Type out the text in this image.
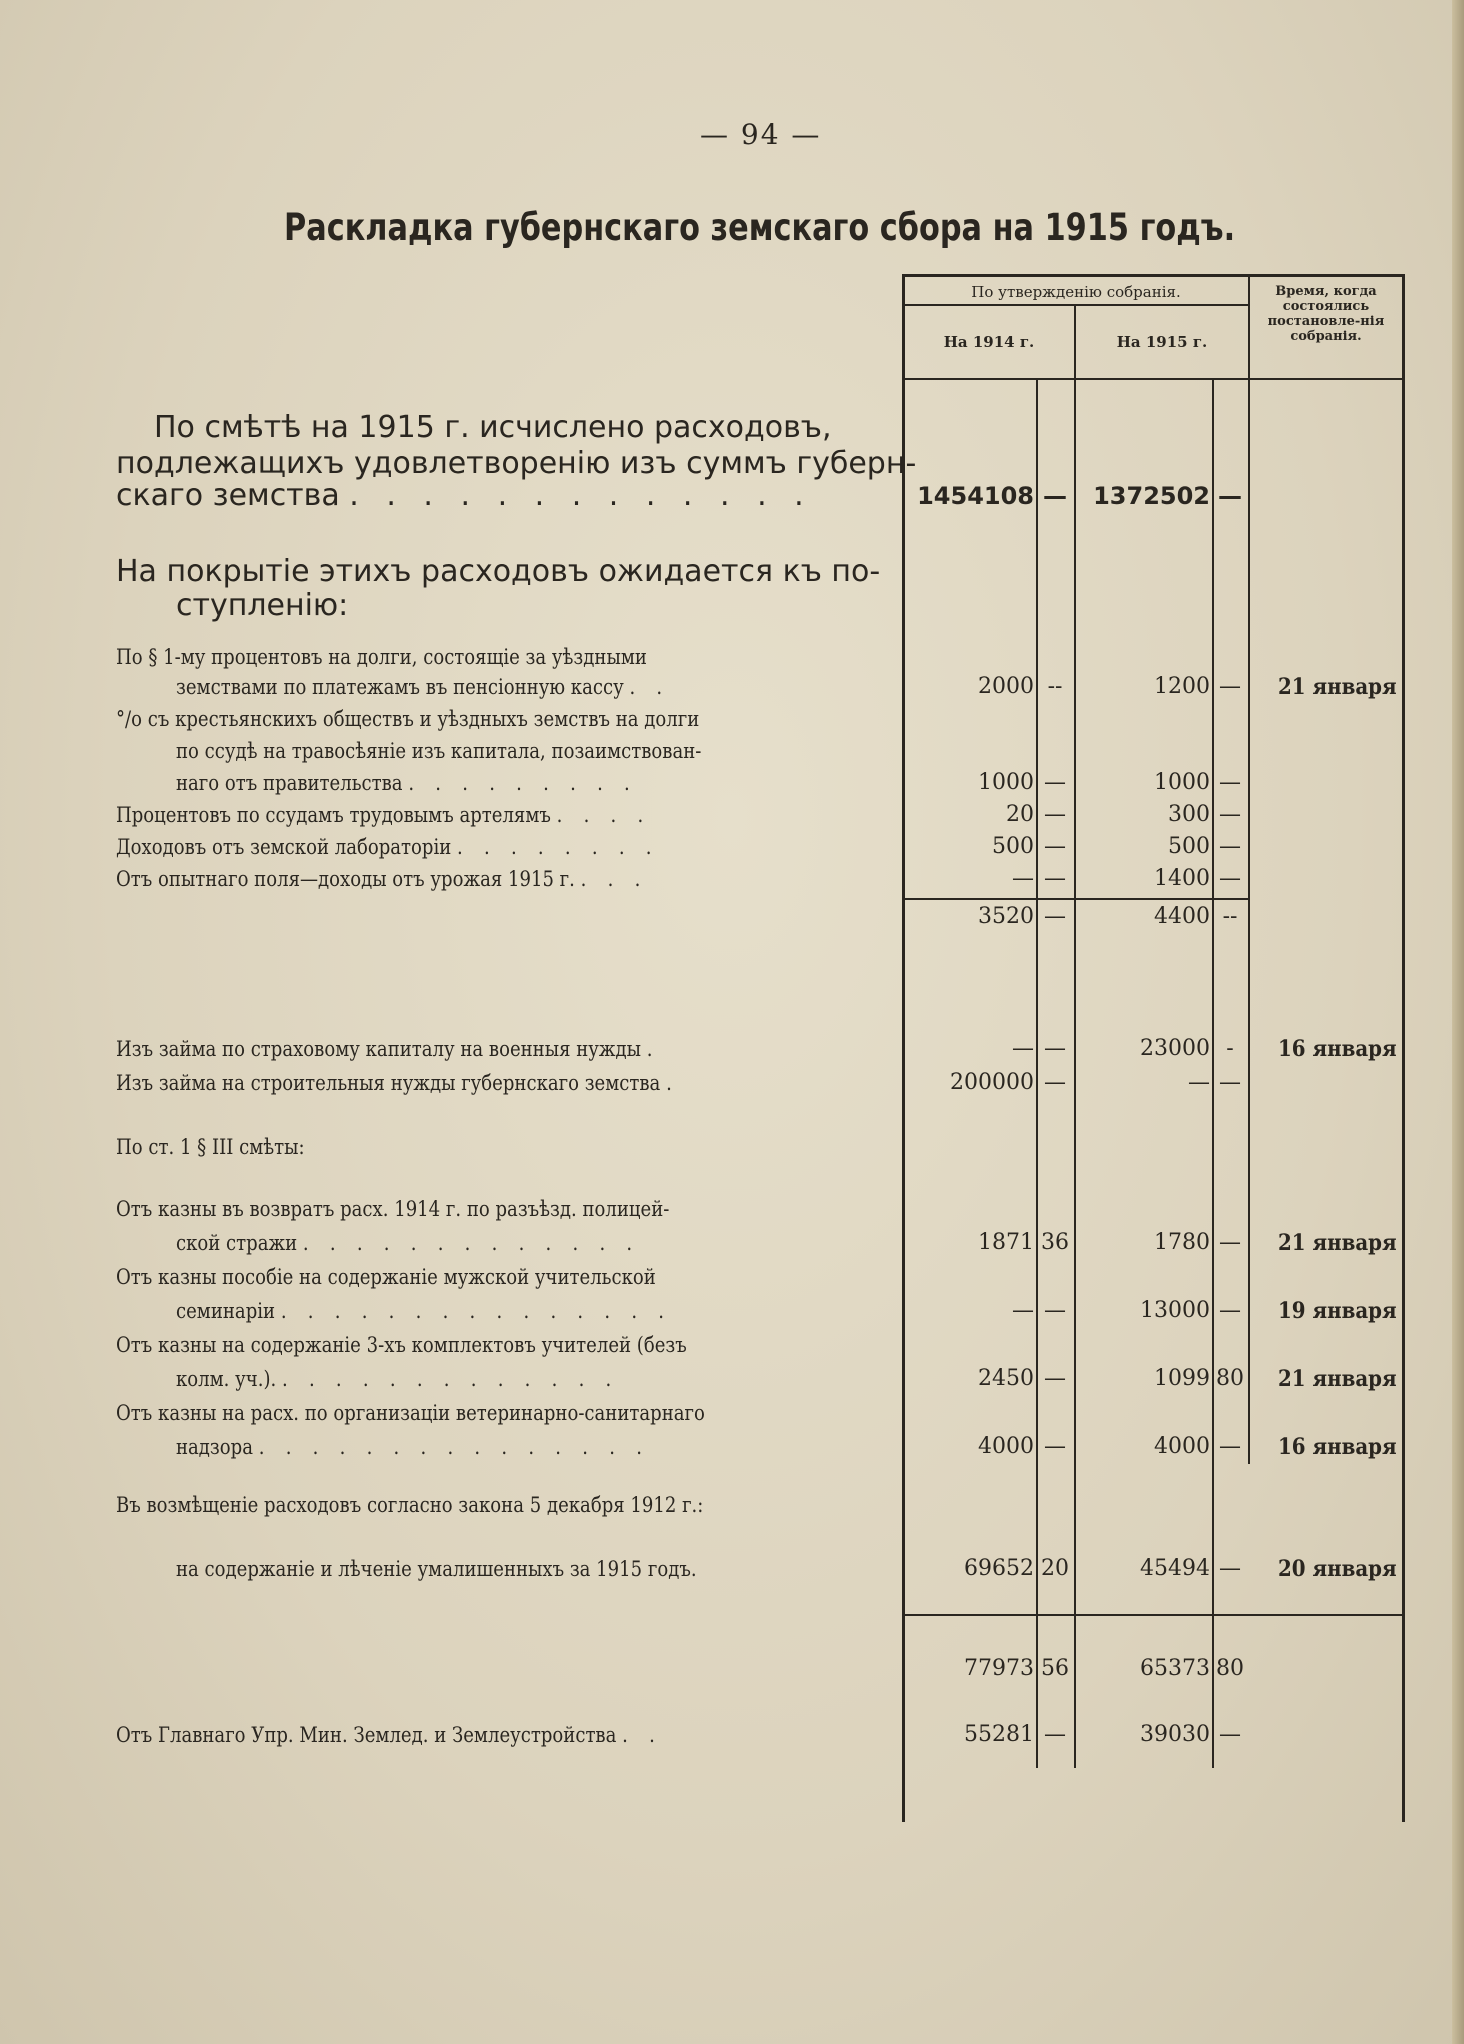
— 94 —
Раскладка губернскаго земскаго сбора на 1915 годъ.
По утвержденію собранія.
На 1914 г.	На 1915 г.
Время, когда состоялись постановле-нія собранія.
По смѣтѣ на 1915 г. исчислено расходовъ,
подлежащихъ удовлетворенію изъ суммъ губерн-
скаго земства . . . . . . . . . . . . .	1454108 —	1372502 —
На покрытіе этихъ расходовъ ожидается къ по-
ступленію:
По § 1-му процентовъ на долги, состоящіе за уѣздными
земствами по платежамъ въ пенсіонную кассу . .	2000 --	1200 — 21 января
°/о съ крестьянскихъ обществъ и уѣздныхъ земствъ на долги
по ссудѣ на травосѣяніе изъ капитала, позаимствован-
наго отъ правительства . . . . . . . . .	1000 —	1000 —
Процентовъ по ссудамъ трудовымъ артелямъ . . . .	20 —	300 —
Доходовъ отъ земской лабораторіи . . . . . . . .	500 —	500 —
Отъ опытнаго поля—доходы отъ урожая 1915 г. . . .	— —	1400 —
3520 —	4400 --
Изъ займа по страховому капиталу на военныя нужды .	— —	23000 -	16 января
Изъ займа на строительныя нужды губернскаго земства .	200000 —	— —
По ст. 1 § III смѣты:
Отъ казны въ возвратъ расх. 1914 г. по разъѣзд. полицей-
ской стражи . . . . . . . . . . . . .	1871 36	1780 — 21 января
Отъ казны пособіе на содержаніе мужской учительской
семинаріи . . . . . . . . . . . . . . .	— —	13000 — 19 января
Отъ казны на содержаніе 3-хъ комплектовъ учителей (безъ
колм. уч.). . . . . . . . . . . . . .	2450 —	1099 80 21 января
Отъ казны на расх. по организаціи ветеринарно-санитарнаго
надзора . . . . . . . . . . . . . . .	4000 —	4000 — 16 января
Въ возмѣщеніе расходовъ согласно закона 5 декабря 1912 г.:
на содержаніе и лѣченіе умалишенныхъ за 1915 годъ.	69652 20	45494 — 20 января
77973 56	65373 80
Отъ Главнаго Упр. Мин. Землед. и Землеустройства . .	55281 —	39030 —
